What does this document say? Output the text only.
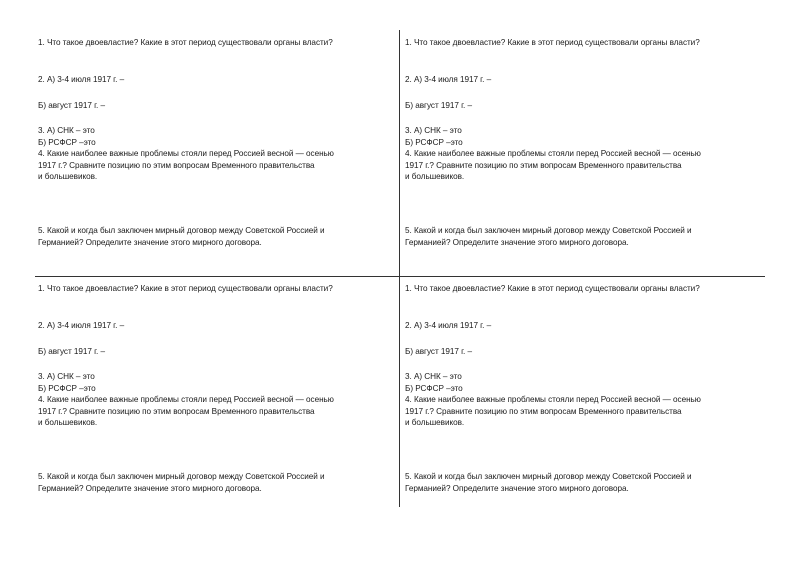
1. Что такое двоевластие? Какие в этот период существовали органы власти?

2. А) 3-4 июля 1917 г. –

Б) август 1917 г. –

3. А) СНК – это

Б) РСФСР –это

4. Какие наиболее важные проблемы стояли перед Россией весной — осенью

1917 г.? Сравните позицию по этим вопросам Временного правительства

и большевиков.

5. Какой и когда был заключен мирный договор между Советской Россией и

Германией? Определите значение этого мирного договора.

1. Что такое двоевластие? Какие в этот период существовали органы власти?

2. А) 3-4 июля 1917 г. –

Б) август 1917 г. –

3. А) СНК – это

Б) РСФСР –это

4. Какие наиболее важные проблемы стояли перед Россией весной — осенью

1917 г.? Сравните позицию по этим вопросам Временного правительства

и большевиков.

5. Какой и когда был заключен мирный договор между Советской Россией и

Германией? Определите значение этого мирного договора.

1. Что такое двоевластие? Какие в этот период существовали органы власти?

2. А) 3-4 июля 1917 г. –

Б) август 1917 г. –

3. А) СНК – это

Б) РСФСР –это

4. Какие наиболее важные проблемы стояли перед Россией весной — осенью

1917 г.? Сравните позицию по этим вопросам Временного правительства

и большевиков.

5. Какой и когда был заключен мирный договор между Советской Россией и

Германией? Определите значение этого мирного договора.

1. Что такое двоевластие? Какие в этот период существовали органы власти?

2. А) 3-4 июля 1917 г. –

Б) август 1917 г. –

3. А) СНК – это

Б) РСФСР –это

4. Какие наиболее важные проблемы стояли перед Россией весной — осенью

1917 г.? Сравните позицию по этим вопросам Временного правительства

и большевиков.

5. Какой и когда был заключен мирный договор между Советской Россией и

Германией? Определите значение этого мирного договора.
